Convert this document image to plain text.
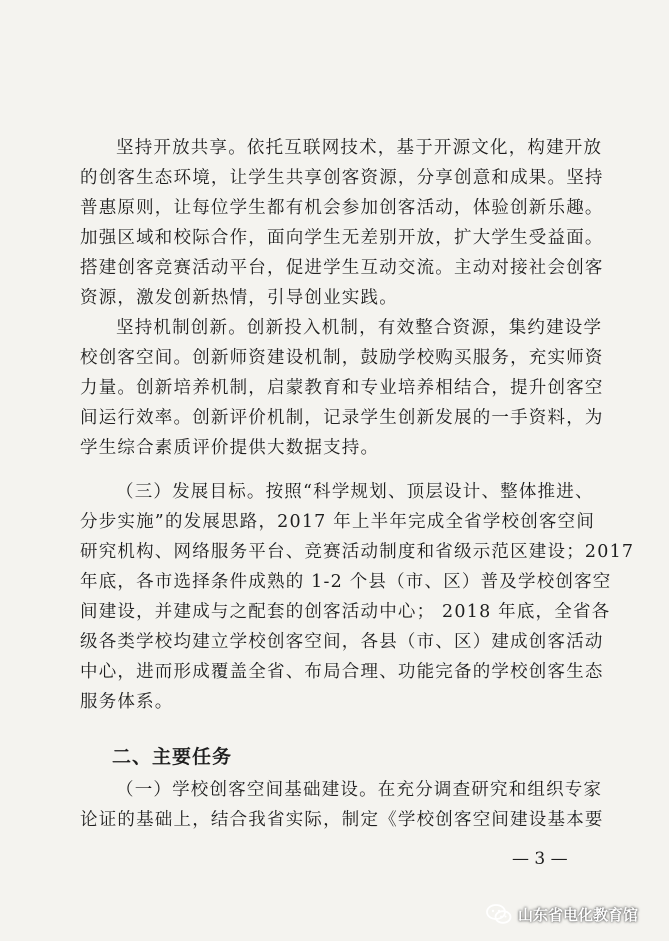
坚持开放共享。依托互联网技术，基于开源文化，构建开放
的创客生态环境，让学生共享创客资源，分享创意和成果。坚持
普惠原则，让每位学生都有机会参加创客活动，体验创新乐趣。
加强区域和校际合作，面向学生无差别开放，扩大学生受益面。
搭建创客竞赛活动平台，促进学生互动交流。主动对接社会创客
资源，激发创新热情，引导创业实践。
坚持机制创新。创新投入机制，有效整合资源，集约建设学
校创客空间。创新师资建设机制，鼓励学校购买服务，充实师资
力量。创新培养机制，启蒙教育和专业培养相结合，提升创客空
间运行效率。创新评价机制，记录学生创新发展的一手资料，为
学生综合素质评价提供大数据支持。
（三）发展目标。按照“科学规划、顶层设计、整体推进、
分步实施”的发展思路，2017 年上半年完成全省学校创客空间
研究机构、网络服务平台、竞赛活动制度和省级示范区建设；2017
年底，各市选择条件成熟的 1-2 个县（市、区）普及学校创客空
间建设，并建成与之配套的创客活动中心； 2018 年底，全省各
级各类学校均建立学校创客空间，各县（市、区）建成创客活动
中心，进而形成覆盖全省、布局合理、功能完备的学校创客生态
服务体系。
二、主要任务
（一）学校创客空间基础建设。在充分调查研究和组织专家
论证的基础上，结合我省实际，制定《学校创客空间建设基本要
— 3 —
山东省电化教育馆
